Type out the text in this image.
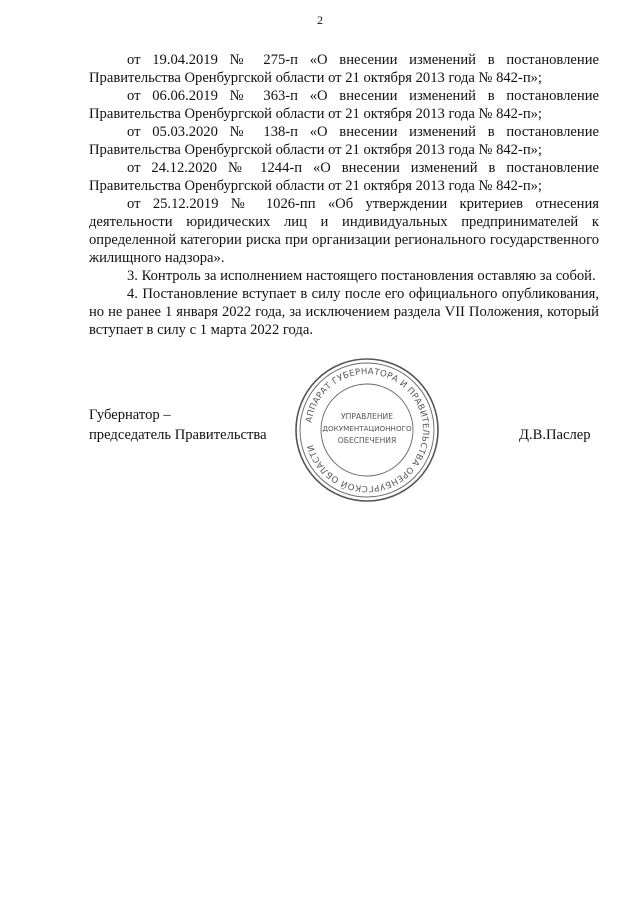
2

от 19.04.2019 № 275-п «О внесении изменений в постановление Правительства Оренбургской области от 21 октября 2013 года № 842-п»;

от 06.06.2019 № 363-п «О внесении изменений в постановление Правительства Оренбургской области от 21 октября 2013 года № 842-п»;

от 05.03.2020 № 138-п «О внесении изменений в постановление Правительства Оренбургской области от 21 октября 2013 года № 842-п»;

от 24.12.2020 № 1244-п «О внесении изменений в постановление Правительства Оренбургской области от 21 октября 2013 года № 842-п»;

от 25.12.2019 № 1026-пп «Об утверждении критериев отнесения деятельности юридических лиц и индивидуальных предпринимателей к определенной категории риска при организации регионального государственного жилищного надзора».

3. Контроль за исполнением настоящего постановления оставляю за собой.

4. Постановление вступает в силу после его официального опубликования, но не ранее 1 января 2022 года, за исключением раздела VII Положения, который вступает в силу с 1 марта 2022 года.

Губернатор –
председатель Правительства
АППАРАТ ГУБЕРНАТОРА И ПРАВИТЕЛЬСТВА ОРЕНБУРГСКОЙ ОБЛАСТИ
УПРАВЛЕНИЕ
ДОКУМЕНТАЦИОННОГО
ОБЕСПЕЧЕНИЯ	Д.В.Паслер
